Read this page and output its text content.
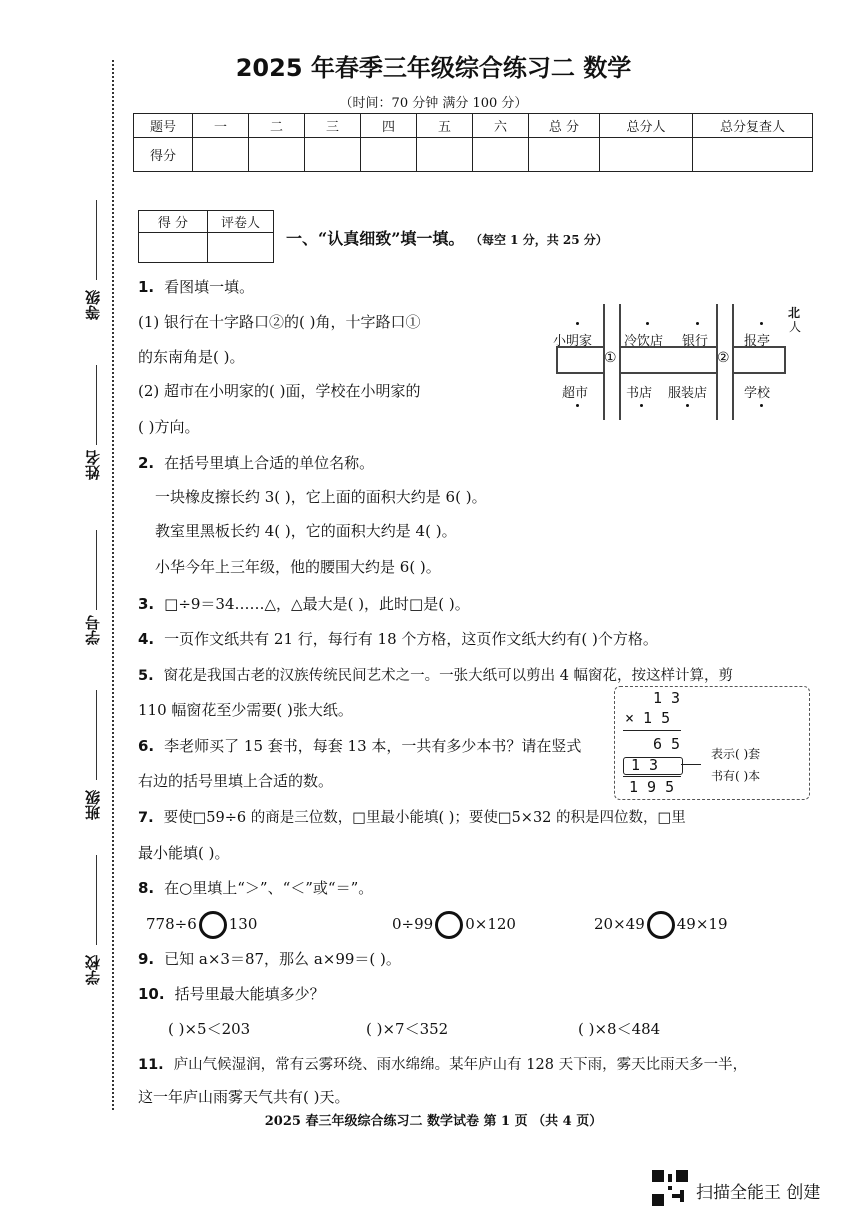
等级
姓名
学号
班级
学校
2025 年春季三年级综合练习二 数学
（时间：70 分钟 满分 100 分）
题号	一	二	三	四	五	六	总 分	总分人	总分复查人
得分									
得 分	评卷人

一、“认真细致”填一填。 （每空 1 分，共 25 分）
1. 看图填一填。
(1) 银行在十字路口②的( )角，十字路口①
的东南角是( )。
(2) 超市在小明家的( )面，学校在小明家的
( )方向。
小明家 冷饮店 银行	报亭
超市	书店 服装店	学校
①	②
北
人
2. 在括号里填上合适的单位名称。
一块橡皮擦长约 3( )，它上面的面积大约是 6( )。
教室里黑板长约 4( )，它的面积大约是 4( )。
小华今年上三年级，他的腰围大约是 6( )。
3. □÷9＝34……△，△最大是( )，此时□是( )。
4. 一页作文纸共有 21 行，每行有 18 个方格，这页作文纸大约有( )个方格。
5. 窗花是我国古老的汉族传统民间艺术之一。一张大纸可以剪出 4 幅窗花，按这样计算，剪
110 幅窗花至少需要( )张大纸。
6. 李老师买了 15 套书，每套 13 本，一共有多少本书？请在竖式
右边的括号里填上合适的数。
1 3
× 1 5
6 5
1 3
1 9 5
表示( )套
书有( )本
7. 要使□59÷6 的商是三位数，□里最小能填( )；要使□5×32 的积是四位数，□里
最小能填( )。
8. 在○里填上“＞”、“＜”或“＝”。
778÷6 130	0÷99 0×120	20×49 49×19
9. 已知 a×3＝87，那么 a×99＝( )。
10. 括号里最大能填多少？
( )×5＜203	( )×7＜352	( )×8＜484
11. 庐山气候湿润，常有云雾环绕、雨水绵绵。某年庐山有 128 天下雨，雾天比雨天多一半，
这一年庐山雨雾天气共有( )天。
2025 春三年级综合练习二 数学试卷 第 1 页 （共 4 页）
扫描全能王 创建
